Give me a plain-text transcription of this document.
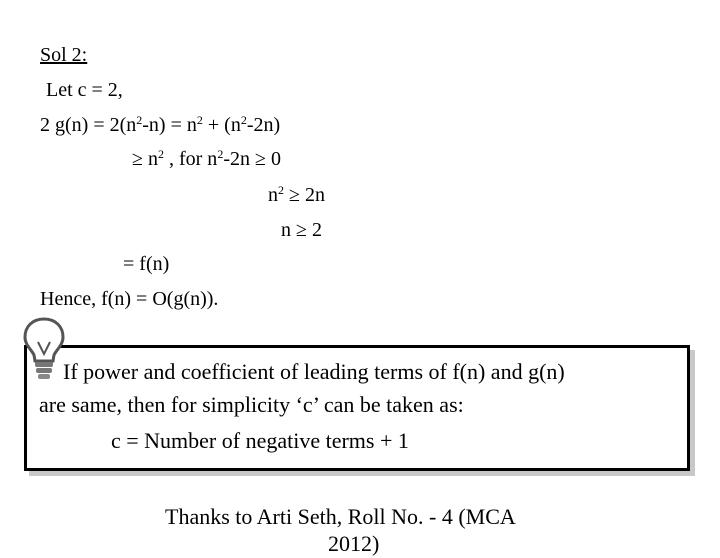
Sol 2:
Let c = 2,
2 $g(n) = 2(n^2-n) = n^2 + (n^2-2n)$
≥ $n^2$ , for $n^2-2n \ge 0$
$n^2 \ge 2n$
n ≥ 2
= f(n)
Hence, f(n) = O(g(n)).
If power and coefficient of leading terms of f(n) and g(n)
are same, then for simplicity ‘c’ can be taken as:
c = Number of negative terms + 1
Thanks to Arti Seth, Roll No. - 4 (MCA
2012)
